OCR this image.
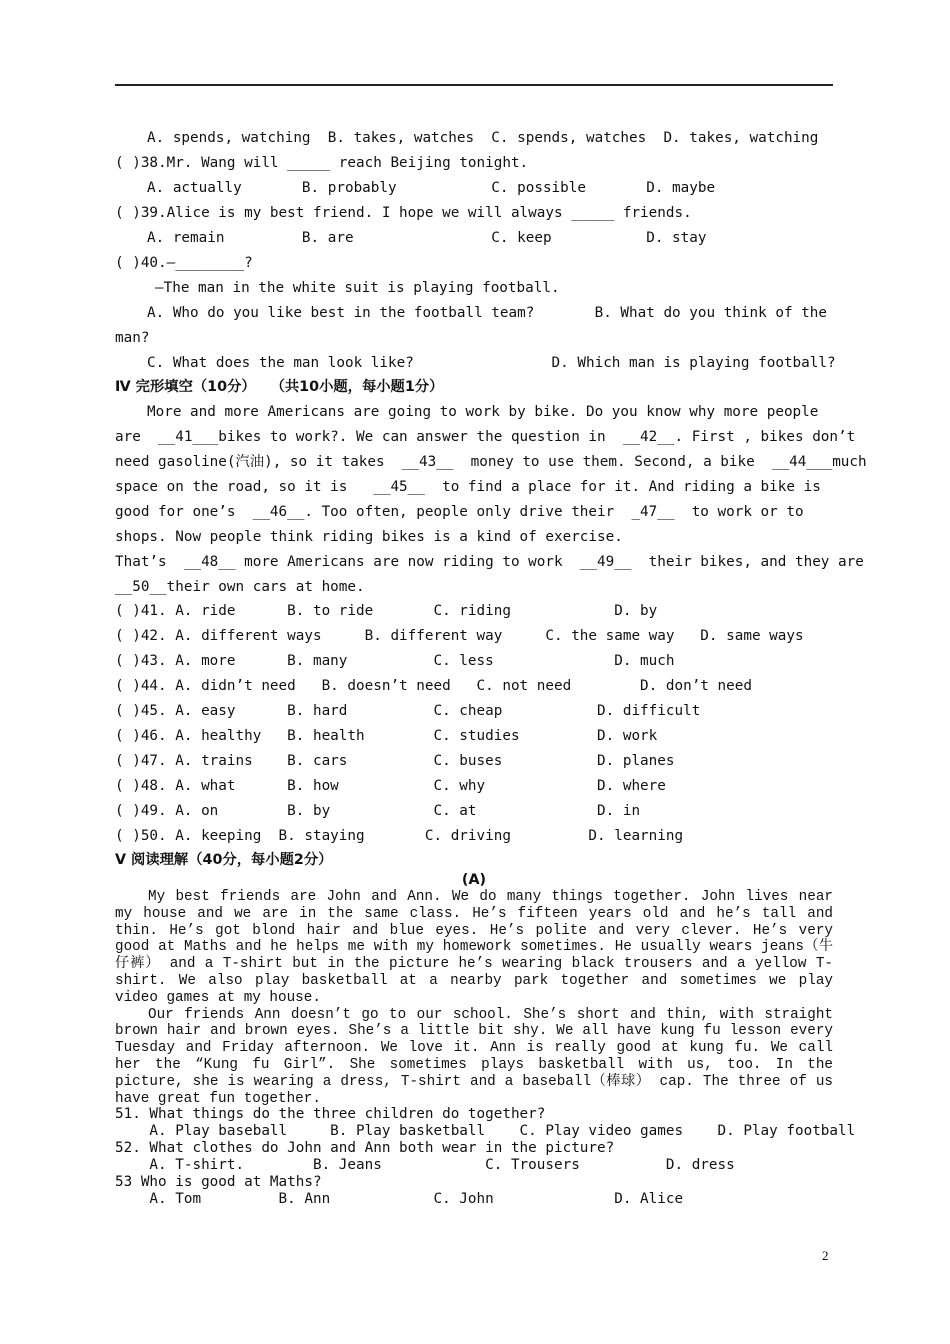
A. spends, watching  B. takes, watches  C. spends, watches  D. takes, watching
( )38.Mr. Wang will _____ reach Beijing tonight.
A. actually       B. probably           C. possible       D. maybe
( )39.Alice is my best friend. I hope we will always _____ friends.
A. remain         B. are                C. keep           D. stay
( )40.—________?
—The man in the white suit is playing football.
A. Who do you like best in the football team?       B. What do you think of the
man?
C. What does the man look like?                D. Which man is playing football?
Ⅳ 完形填空（10分）   （共10小题，每小题1分）
More and more Americans are going to work by bike. Do you know why more people
are  __41___bikes to work?. We can answer the question in  __42__. First , bikes don’t
need gasoline(汽油), so it takes  __43__  money to use them. Second, a bike  __44___much
space on the road, so it is   __45__  to find a place for it. And riding a bike is
good for one’s  __46__. Too often, people only drive their  _47__  to work or to
shops. Now people think riding bikes is a kind of exercise.
That’s  __48__ more Americans are now riding to work  __49__  their bikes, and they are
__50__their own cars at home.
( )41. A. ride      B. to ride       C. riding            D. by
( )42. A. different ways     B. different way     C. the same way   D. same ways
( )43. A. more      B. many          C. less              D. much
( )44. A. didn’t need   B. doesn’t need   C. not need        D. don’t need
( )45. A. easy      B. hard          C. cheap           D. difficult
( )46. A. healthy   B. health        C. studies         D. work
( )47. A. trains    B. cars          C. buses           D. planes
( )48. A. what      B. how           C. why             D. where
( )49. A. on        B. by            C. at              D. in
( )50. A. keeping  B. staying       C. driving         D. learning
Ⅴ 阅读理解（40分，每小题2分）
(A)

My best friends are John and Ann. We do many things together. John lives near my house and we are in the same class. He’s fifteen years old and he’s tall and thin. He’s got blond hair and blue eyes. He’s polite and very clever. He’s very good at Maths and he helps me with my homework sometimes. He usually wears jeans（牛仔裤） and a T-shirt but in the picture he’s wearing black trousers and a yellow T-shirt. We also play basketball at a nearby park together and sometimes we play video games at my house.

Our friends Ann doesn’t go to our school. She’s short and thin, with straight brown hair and brown eyes. She’s a little bit shy. We all have kung fu lesson every Tuesday and Friday afternoon. We love it. Ann is really good at kung fu. We call her the “Kung fu Girl”. She sometimes plays basketball with us, too. In the picture, she is wearing a dress, T-shirt and a baseball（棒球） cap. The three of us have great fun together.

51. What things do the three children do together?
A. Play baseball     B. Play basketball    C. Play video games    D. Play football
52. What clothes do John and Ann both wear in the picture?
A. T-shirt.        B. Jeans            C. Trousers          D. dress
53 Who is good at Maths?
A. Tom         B. Ann            C. John              D. Alice
2
